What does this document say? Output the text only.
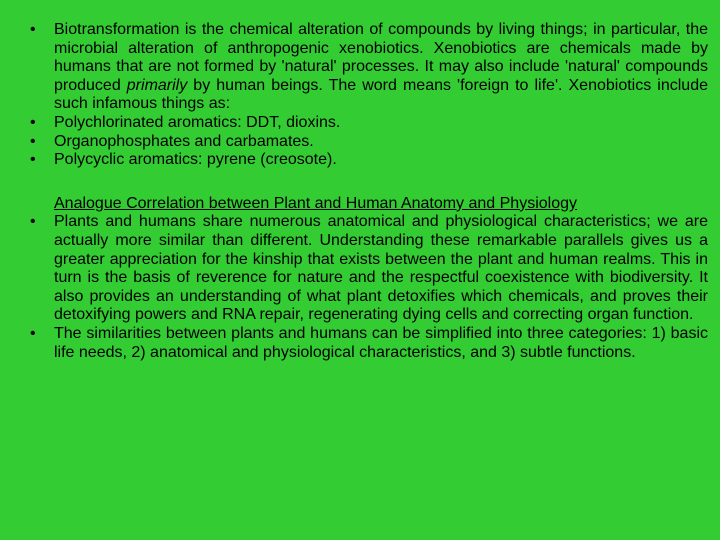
•	Biotransformation is the chemical alteration of compounds by living things; in particular, the microbial alteration of anthropogenic xenobiotics. Xenobiotics are chemicals made by humans that are not formed by 'natural' processes. It may also include 'natural' compounds produced primarily by human beings. The word means 'foreign to life'. Xenobiotics include such infamous things as:
•	Polychlorinated aromatics: DDT, dioxins.
•	Organophosphates and carbamates.
•	Polycyclic aromatics: pyrene (creosote).
Analogue Correlation between Plant and Human Anatomy and Physiology
•	Plants and humans share numerous anatomical and physiological characteristics; we are actually more similar than different. Understanding these remarkable parallels gives us a greater appreciation for the kinship that exists between the plant and human realms. This in turn is the basis of reverence for nature and the respectful coexistence with biodiversity. It also provides an understanding of what plant detoxifies which chemicals, and proves their detoxifying powers and RNA repair, regenerating dying cells and correcting organ function.
•	The similarities between plants and humans can be simplified into three categories: 1) basic life needs, 2) anatomical and physiological characteristics, and 3) subtle functions.
